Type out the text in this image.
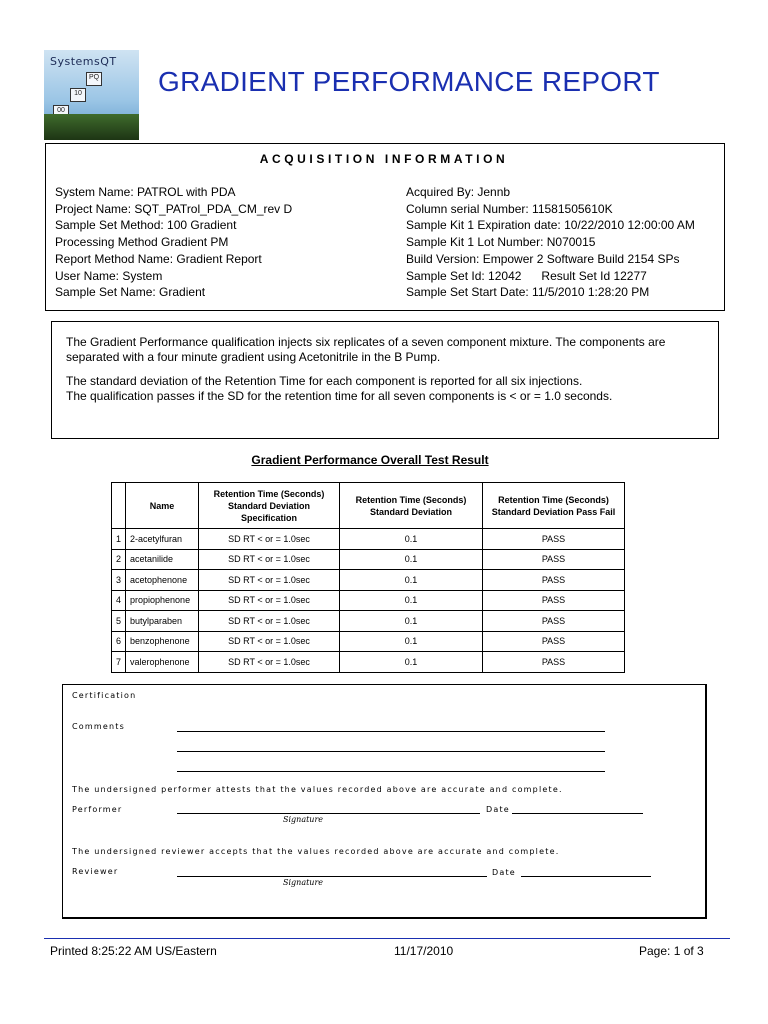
SystemsQT
PQ
10
00
GRADIENT PERFORMANCE REPORT
ACQUISITION INFORMATION
System Name: PATROL with PDA
Project Name: SQT_PATrol_PDA_CM_rev D
Sample Set Method: 100 Gradient
Processing Method Gradient PM
Report Method Name: Gradient Report
User Name: System
Sample Set Name: Gradient
Acquired By: Jennb
Column serial Number: 11581505610K
Sample Kit 1 Expiration date: 10/22/2010 12:00:00 AM
Sample Kit 1 Lot Number: N070015
Build Version: Empower 2 Software Build 2154 SPs
Sample Set Id: 12042 Result Set Id 12277
Sample Set Start Date: 11/5/2010 1:28:20 PM

The Gradient Performance qualification injects six replicates of a seven component mixture. The components are separated with a four minute gradient using Acetonitrile in the B Pump.

The standard deviation of the Retention Time for each component is reported for all six injections.
The qualification passes if the SD for the retention time for all seven components is < or = 1.0 seconds.
Gradient Performance Overall Test Result
	Name	Retention Time (Seconds) Standard Deviation Specification	Retention Time (Seconds) Standard Deviation	Retention Time (Seconds) Standard Deviation Pass Fail
1	2-acetylfuran	SD RT < or = 1.0sec	0.1	PASS
2	acetanilide	SD RT < or = 1.0sec	0.1	PASS
3	acetophenone	SD RT < or = 1.0sec	0.1	PASS
4	propiophenone	SD RT < or = 1.0sec	0.1	PASS
5	butylparaben	SD RT < or = 1.0sec	0.1	PASS
6	benzophenone	SD RT < or = 1.0sec	0.1	PASS
7	valerophenone	SD RT < or = 1.0sec	0.1	PASS
Certification
Comments
The undersigned performer attests that the values recorded above are accurate and complete.
Performer	Date
Signature
The undersigned reviewer accepts that the values recorded above are accurate and complete.
Reviewer	Date
Signature
Printed 8:25:22 AM US/Eastern	11/17/2010	Page: 1 of 3
